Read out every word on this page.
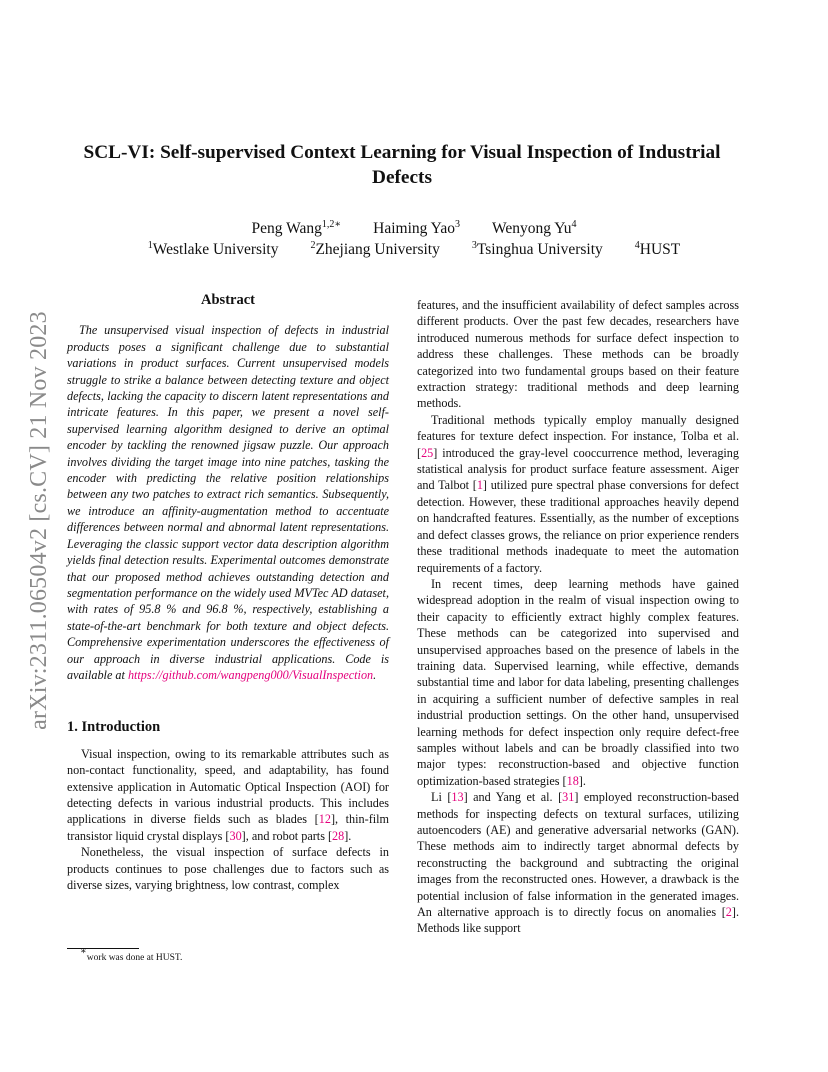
arXiv:2311.06504v2 [cs.CV] 21 Nov 2023
SCL-VI: Self-supervised Context Learning for Visual Inspection of Industrial Defects
Peng Wang$^{1,2∗}$ Haiming Yao$^3$ Wenyong Yu$^4$
$^1$Westlake University	$^2$Zhejiang University	$^3$Tsinghua University	$^4$HUST
Abstract

The unsupervised visual inspection of defects in industrial products poses a significant challenge due to substantial variations in product surfaces. Current unsupervised models struggle to strike a balance between detecting texture and object defects, lacking the capacity to discern latent representations and intricate features. In this paper, we present a novel self-supervised learning algorithm designed to derive an optimal encoder by tackling the renowned jigsaw puzzle. Our approach involves dividing the target image into nine patches, tasking the encoder with predicting the relative position relationships between any two patches to extract rich semantics. Subsequently, we introduce an affinity-augmentation method to accentuate differences between normal and abnormal latent representations. Leveraging the classic support vector data description algorithm yields final detection results. Experimental outcomes demonstrate that our proposed method achieves outstanding detection and segmentation performance on the widely used MVTec AD dataset, with rates of 95.8 % and 96.8 %, respectively, establishing a state-of-the-art benchmark for both texture and object defects. Comprehensive experimentation underscores the effectiveness of our approach in diverse industrial applications. Code is available at https://github.com/wangpeng000/VisualInspection.

1. Introduction

Visual inspection, owing to its remarkable attributes such as non-contact functionality, speed, and adaptability, has found extensive application in Automatic Optical Inspection (AOI) for detecting defects in various industrial products. This includes applications in diverse fields such as blades [12], thin-film transistor liquid crystal displays [30], and robot parts [28].

Nonetheless, the visual inspection of surface defects in products continues to pose challenges due to factors such as diverse sizes, varying brightness, low contrast, complex

features, and the insufficient availability of defect samples across different products. Over the past few decades, researchers have introduced numerous methods for surface defect inspection to address these challenges. These methods can be broadly categorized into two fundamental groups based on their feature extraction strategy: traditional methods and deep learning methods.

Traditional methods typically employ manually designed features for texture defect inspection. For instance, Tolba et al. [25] introduced the gray-level cooccurrence method, leveraging statistical analysis for product surface feature assessment. Aiger and Talbot [1] utilized pure spectral phase conversions for defect detection. However, these traditional approaches heavily depend on handcrafted features. Essentially, as the number of exceptions and defect classes grows, the reliance on prior experience renders these traditional methods inadequate to meet the automation requirements of a factory.

In recent times, deep learning methods have gained widespread adoption in the realm of visual inspection owing to their capacity to efficiently extract highly complex features. These methods can be categorized into supervised and unsupervised approaches based on the presence of labels in the training data. Supervised learning, while effective, demands substantial time and labor for data labeling, presenting challenges in acquiring a sufficient number of defective samples in real industrial production settings. On the other hand, unsupervised learning methods for defect inspection only require defect-free samples without labels and can be broadly classified into two major types: reconstruction-based and objective function optimization-based strategies [18].

Li [13] and Yang et al. [31] employed reconstruction-based methods for inspecting defects on textural surfaces, utilizing autoencoders (AE) and generative adversarial networks (GAN). These methods aim to indirectly target abnormal defects by reconstructing the background and subtracting the original images from the reconstructed ones. However, a drawback is the potential inclusion of false information in the generated images. An alternative approach is to directly focus on anomalies [2]. Methods like support

∗work was done at HUST.
